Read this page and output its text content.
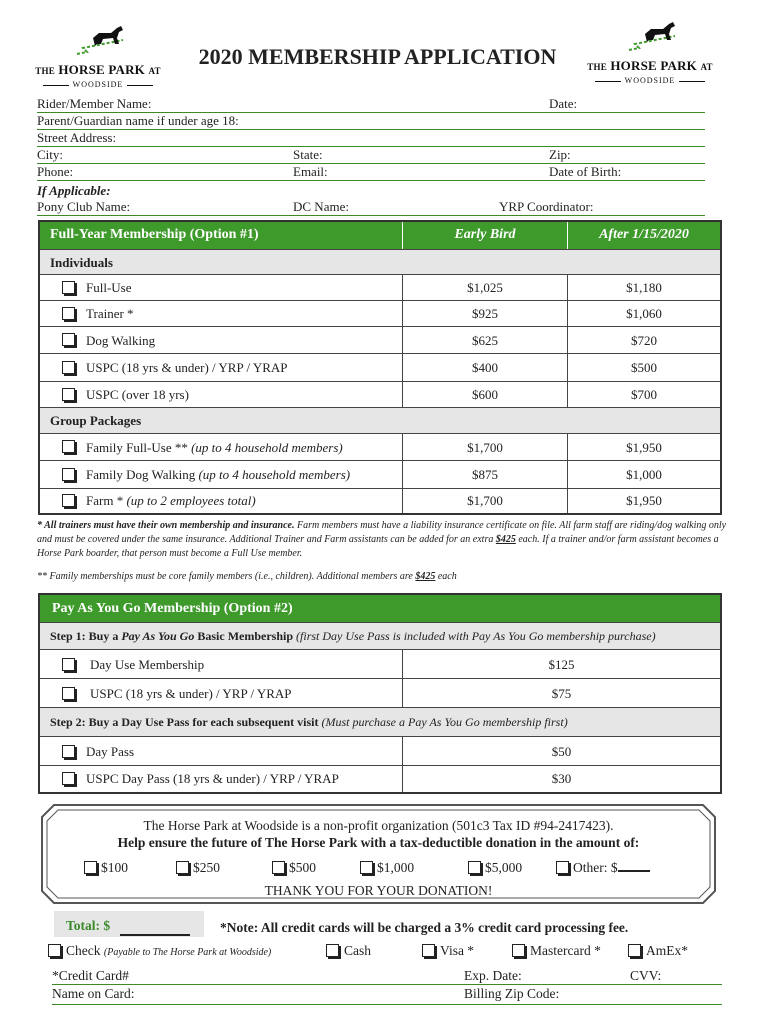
THE HORSE PARK AT
WOODSIDE
THE HORSE PARK AT
WOODSIDE
2020 MEMBERSHIP APPLICATION
Rider/Member Name:	Date:
Parent/Guardian name if under age 18:
Street Address:
City:	State:	Zip:
Phone:	Email:	Date of Birth:
If Applicable:
Pony Club Name:	DC Name:	YRP Coordinator:
Full-Year Membership (Option #1)	Early Bird	After 1/15/2020
Individuals
Full-Use	$1,025	$1,180
Trainer *	$925	$1,060
Dog Walking	$625	$720
USPC (18 yrs & under) / YRP / YRAP	$400	$500
USPC (over 18 yrs)	$600	$700
Group Packages
Family Full-Use ** (up to 4 household members)	$1,700	$1,950
Family Dog Walking (up to 4 household members)	$875	$1,000
Farm * (up to 2 employees total)	$1,700	$1,950
* All trainers must have their own membership and insurance. Farm members must have a liability insurance certificate on file. All farm staff are riding/dog walking only and must be covered under the same insurance. Additional Trainer and Farm assistants can be added for an extra $425 each. If a trainer and/or farm assistant becomes a Horse Park boarder, that person must become a Full Use member.
** Family memberships must be core family members (i.e., children). Additional members are $425 each
Pay As You Go Membership (Option #2)
Step 1: Buy a Pay As You Go Basic Membership (first Day Use Pass is included with Pay As You Go membership purchase)
Day Use Membership	$125
USPC (18 yrs & under) / YRP / YRAP	$75
Step 2: Buy a Day Use Pass for each subsequent visit (Must purchase a Pay As You Go membership first)
Day Pass	$50
USPC Day Pass (18 yrs & under) / YRP / YRAP	$30
The Horse Park at Woodside is a non-profit organization (501c3 Tax ID #94-2417423).
Help ensure the future of The Horse Park with a tax-deductible donation in the amount of:
$100	$250	$500	$1,000	$5,000	Other: $
THANK YOU FOR YOUR DONATION!
Total: $	*Note: All credit cards will be charged a 3% credit card processing fee.
Check (Payable to The Horse Park at Woodside)	Cash	Visa *	Mastercard *	AmEx*
*Credit Card#	Exp. Date:	CVV:
Name on Card:	Billing Zip Code:
